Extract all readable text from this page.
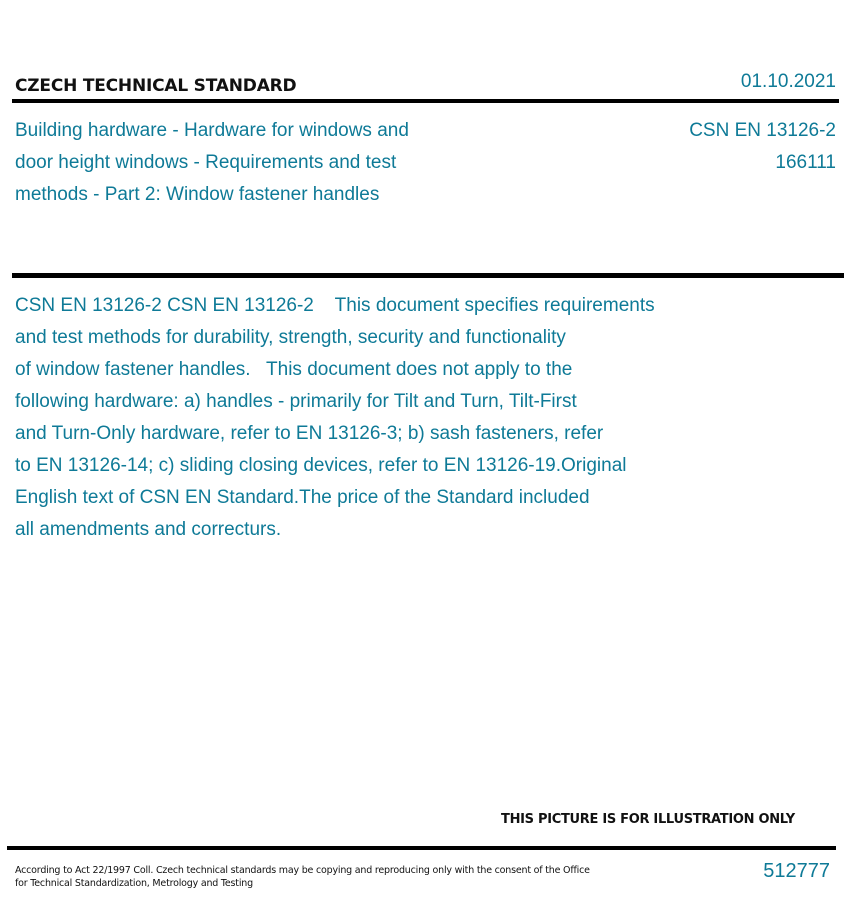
CZECH TECHNICAL STANDARD	01.10.2021
Building hardware - Hardware for windows and
door height windows - Requirements and test
methods - Part 2: Window fastener handles
CSN EN 13126-2
166111
CSN EN 13126-2 CSN EN 13126-2    This document specifies requirements
and test methods for durability, strength, security and functionality
of window fastener handles.   This document does not apply to the
following hardware: a) handles - primarily for Tilt and Turn, Tilt-First
and Turn-Only hardware, refer to EN 13126-3; b) sash fasteners, refer
to EN 13126-14; c) sliding closing devices, refer to EN 13126-19.Original
English text of CSN EN Standard.The price of the Standard included
all amendments and correcturs.
THIS PICTURE IS FOR ILLUSTRATION ONLY
According to Act 22/1997 Coll. Czech technical standards may be copying and reproducing only with the consent of the Office
for Technical Standardization, Metrology and Testing
512777
